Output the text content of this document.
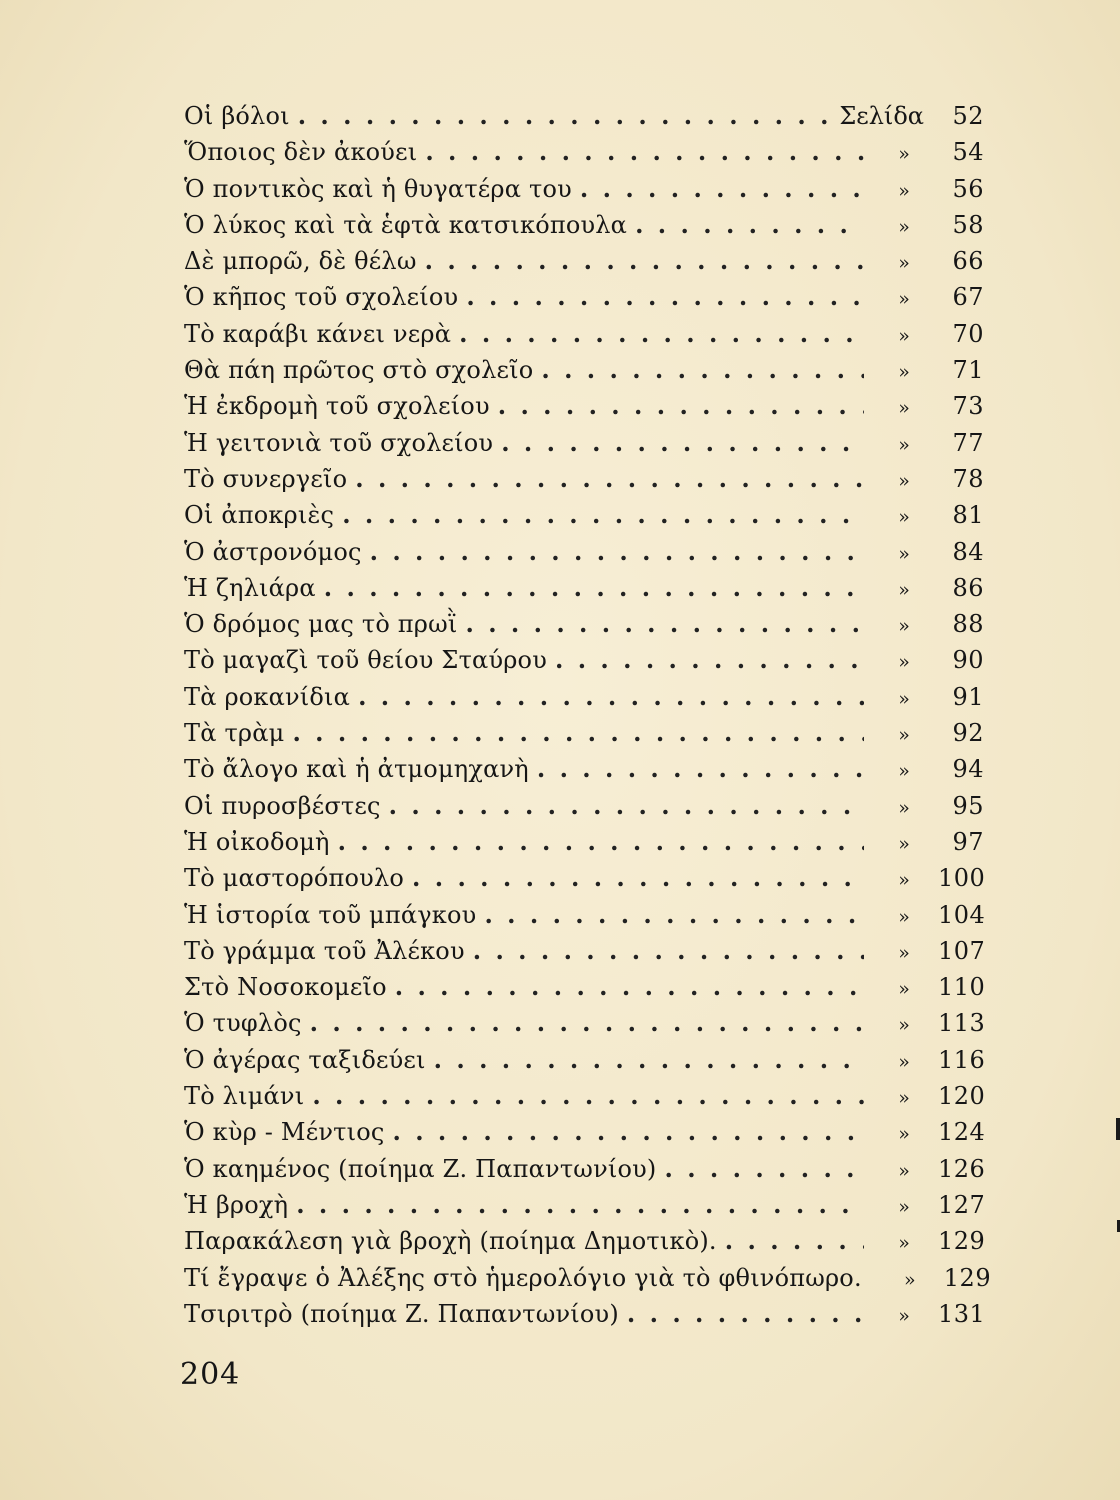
Οἱ βόλοι . . .	Σελίδα	52
Ὅποιος δὲν ἀκούει . . .	»	54
Ὁ ποντικὸς καὶ ἡ θυγατέρα του . . .	»	56
Ὁ λύκος καὶ τὰ ἑφτὰ κατσικόπουλα . . .	»	58
Δὲ μπορῶ, δὲ θέλω . . .	»	66
Ὁ κῆπος τοῦ σχολείου . . .	»	67
Τὸ καράβι κάνει νερὰ . . .	»	70
Θὰ πάη πρῶτος στὸ σχολεῖο . . .	»	71
Ἡ ἐκδρομὴ τοῦ σχολείου . . .	»	73
Ἡ γειτονιὰ τοῦ σχολείου . . .	»	77
Τὸ συνεργεῖο . . .	»	78
Οἱ ἀποκριὲς . . .	»	81
Ὁ ἀστρονόμος . . .	»	84
Ἡ ζηλιάρα . . .	»	86
Ὁ δρόμος μας τὸ πρωῒ . . .	»	88
Τὸ μαγαζὶ τοῦ θείου Σταύρου . . .	»	90
Τὰ ροκανίδια . . .	»	91
Τὰ τρὰμ . . .	»	92
Τὸ ἄλογο καὶ ἡ ἀτμομηχανὴ . . .	»	94
Οἱ πυροσβέστες . . .	»	95
Ἡ οἰκοδομὴ . . .	»	97
Τὸ μαστορόπουλο . . .	»	100
Ἡ ἱστορία τοῦ μπάγκου . . .	»	104
Τὸ γράμμα τοῦ Ἀλέκου . . .	»	107
Στὸ Νοσοκομεῖο . . .	»	110
Ὁ τυφλὸς . . .	»	113
Ὁ ἀγέρας ταξιδεύει . . .	»	116
Τὸ λιμάνι . . .	»	120
Ὁ κὺρ - Μέντιος . . .	»	124
Ὁ καημένος (ποίημα Ζ. Παπαντωνίου) . . .	»	126
Ἡ βροχὴ . . .	»	127
Παρακάλεση γιὰ βροχὴ (ποίημα Δημοτικὸ). . . .	»	129
Τί ἔγραψε ὁ Ἀλέξης στὸ ἡμερολόγιο γιὰ τὸ φθινόπωρο.	»	129
Τσιριτρὸ (ποίημα Ζ. Παπαντωνίου) . . .	»	131
204
